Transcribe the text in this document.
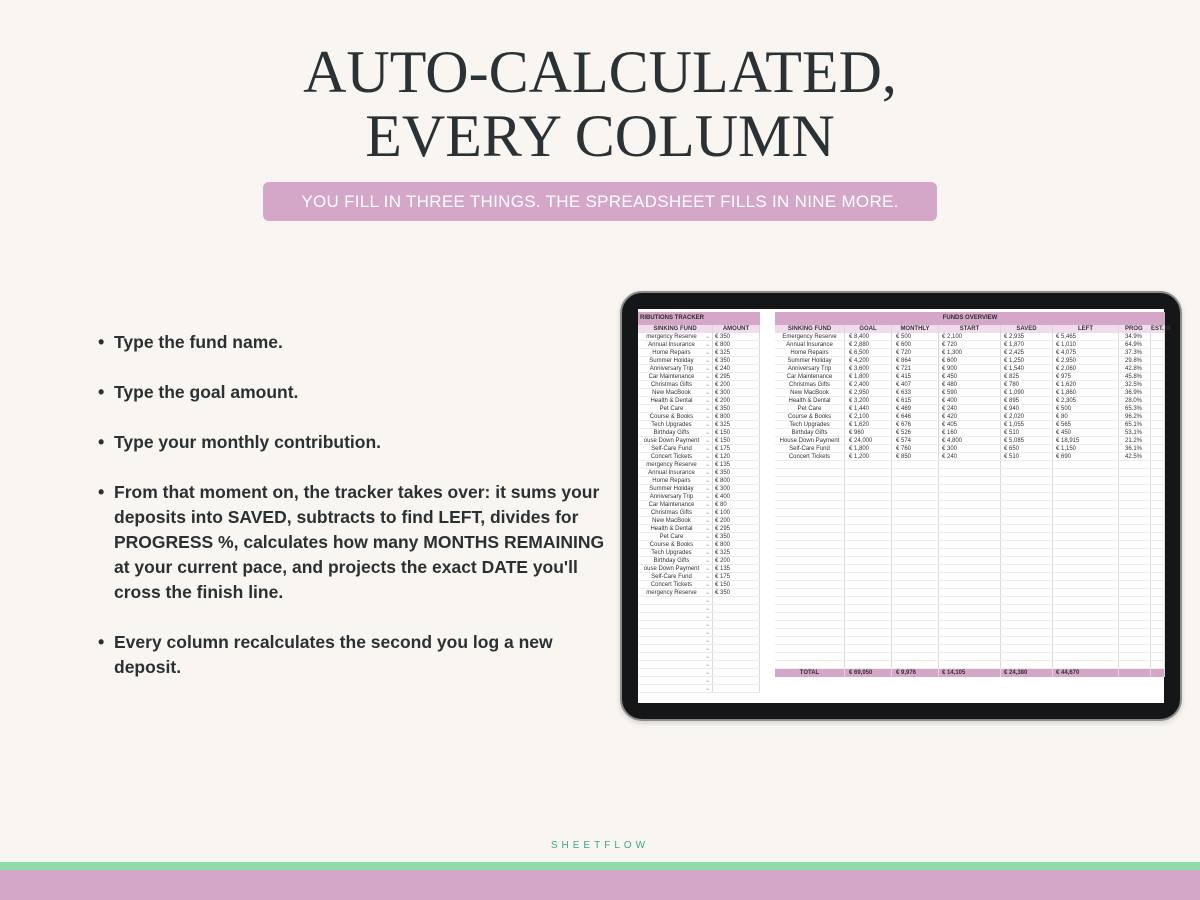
AUTO-CALCULATED,
EVERY COLUMN
YOU FILL IN THREE THINGS. THE SPREADSHEET FILLS IN NINE MORE.
• Type the fund name.
• Type the goal amount.
• Type your monthly contribution.
• From that moment on, the tracker takes over: it sums your deposits into SAVED, subtracts to find LEFT, divides for PROGRESS %, calculates how many MONTHS REMAINING at your current pace, and projects the exact DATE you'll cross the finish line.
• Every column recalculates the second you log a new deposit.
RIBUTIONS TRACKER
SINKING FUND	AMOUNT
mergency Reserve ⌄ € 350
Annual Insurance ⌄ € 800
Home Repairs ⌄ € 325
Summer Holiday ⌄ € 350
Anniversary Trip ⌄ € 240
Car Maintenance ⌄ € 295
Christmas Gifts ⌄ € 200
New MacBook ⌄ € 300
Health & Dental ⌄ € 200
Pet Care	⌄ € 350
Course & Books ⌄ € 800
Tech Upgrades ⌄ € 325
Birthday Gifts	⌄ € 150
ouse Down Payment ⌄ € 150
Self-Care Fund ⌄ € 175
Concert Tickets ⌄ € 120
mergency Reserve ⌄ € 135
Annual Insurance ⌄ € 350
Home Repairs ⌄ € 800
Summer Holiday ⌄ € 300
Anniversary Trip ⌄ € 400
Car Maintenance ⌄ € 80
Christmas Gifts ⌄ € 100
New MacBook ⌄ € 200
Health & Dental ⌄ € 295
Pet Care	⌄ € 350
Course & Books ⌄ € 800
Tech Upgrades ⌄ € 325
Birthday Gifts	⌄ € 200
ouse Down Payment ⌄ € 135
Self-Care Fund ⌄ € 175
Concert Tickets ⌄ € 150
mergency Reserve ⌄ € 350
⌄
⌄
⌄
⌄
⌄
⌄
⌄
⌄
⌄
⌄
⌄
⌄
FUNDS OVERVIEW
SINKING FUND	GOAL	MONTHLY	START	SAVED	LEFT	PROG	EST. M
Emergency Reserve	€ 8,400	€ 500	€ 2,100	€ 2,935	€ 5,465	34.9%
Annual Insurance	€ 2,880	€ 600	€ 720	€ 1,870	€ 1,010	64.9%
Home Repairs	€ 6,500	€ 720	€ 1,300	€ 2,425	€ 4,075	37.3%
Summer Holiday	€ 4,200	€ 864	€ 600	€ 1,250	€ 2,950	29.8%
Anniversary Trip	€ 3,600	€ 721	€ 900	€ 1,540	€ 2,060	42.8%
Car Maintenance	€ 1,800	€ 415	€ 450	€ 825	€ 975	45.8%
Christmas Gifts	€ 2,400	€ 407	€ 480	€ 780	€ 1,620	32.5%
New MacBook	€ 2,950	€ 633	€ 590	€ 1,090	€ 1,860	36.9%
Health & Dental	€ 3,200	€ 615	€ 400	€ 895	€ 2,305	28.0%
Pet Care	€ 1,440	€ 469	€ 240	€ 940	€ 500	65.3%
Course & Books	€ 2,100	€ 646	€ 420	€ 2,020	€ 80	96.2%
Tech Upgrades	€ 1,620	€ 676	€ 405	€ 1,055	€ 565	65.1%
Birthday Gifts	€ 960	€ 526	€ 160	€ 510	€ 450	53.1%
House Down Payment	€ 24,000	€ 574	€ 4,800	€ 5,085	€ 18,915	21.2%
Self-Care Fund	€ 1,800	€ 760	€ 300	€ 650	€ 1,150	36.1%
Concert Tickets	€ 1,200	€ 850	€ 240	€ 510	€ 690	42.5%
TOTAL	€ 69,050	€ 9,976	€ 14,105	€ 24,380	€ 44,670
SHEETFLOW
